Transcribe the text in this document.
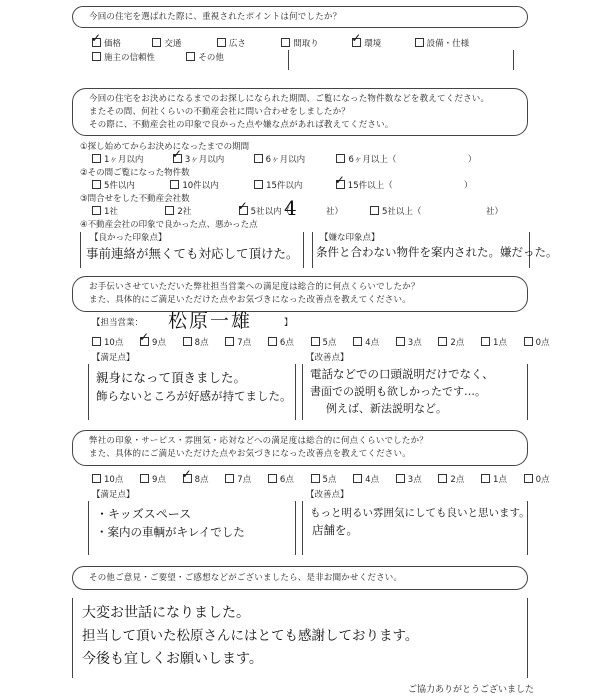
今回の住宅を選ばれた際に、重視されたポイントは何でしたか？
✓価格	交通	広さ	間取り ✓	環境	設備・仕様
施主の信頼性	その他
今回の住宅をお決めになるまでのお探しになられた期間、ご覧になった物件数などを教えてください。
またその間、何社くらいの不動産会社に問い合わせをしましたか？
その際に、不動産会社の印象で良かった点や嫌な点があれば教えてください。
①探し始めてからお決めになったまでの期間
1ヶ月以内 ✓	3ヶ月以内	6ヶ月以内	6ヶ月以上（	）
②その間ご覧になった物件数
5件以内	10件以内	15件以内 ✓	15件以上（	）
③問合せをした不動産会社数
1社	2社 ✓	5社以内（
4	社）	5社以上（	社）
④不動産会社の印象で良かった点、悪かった点
【良かった印象点】
事前連絡が無くても対応して頂けた。
【嫌な印象点】
条件と合わない物件を案内された。嫌だった。
お手伝いさせていただいた弊社担当営業への満足度は総合的に何点くらいでしたか？
また、具体的にご満足いただけた点やお気づきになった改善点を教えてください。
【担当営業： 松原一雄	】
10点 ✓	9点	8点	7点	6点	5点	4点	3点	2点	1点	0点
【満足点】
親身になって頂きました。
飾らないところが好感が持てました。
【改善点】
電話などでの口頭説明だけでなく、
書面での説明も欲しかったです…。
例えば、新法説明など。
弊社の印象・サービス・雰囲気・応対などへの満足度は総合的に何点くらいでしたか？
また、具体的にご満足いただけた点やお気づきになった改善点を教えてください。
10点	9点 ✓	8点	7点	6点	5点	4点	3点	2点	1点	0点
【満足点】
・キッズスペース
・案内の車輌がキレイでした
【改善点】
もっと明るい雰囲気にしても良いと思います。
店舗を。
その他ご意見・ご要望・ご感想などがございましたら、是非お聞かせください。
大変お世話になりました。
担当して頂いた松原さんにはとても感謝しております。
今後も宜しくお願いします。
ご協力ありがとうございました
